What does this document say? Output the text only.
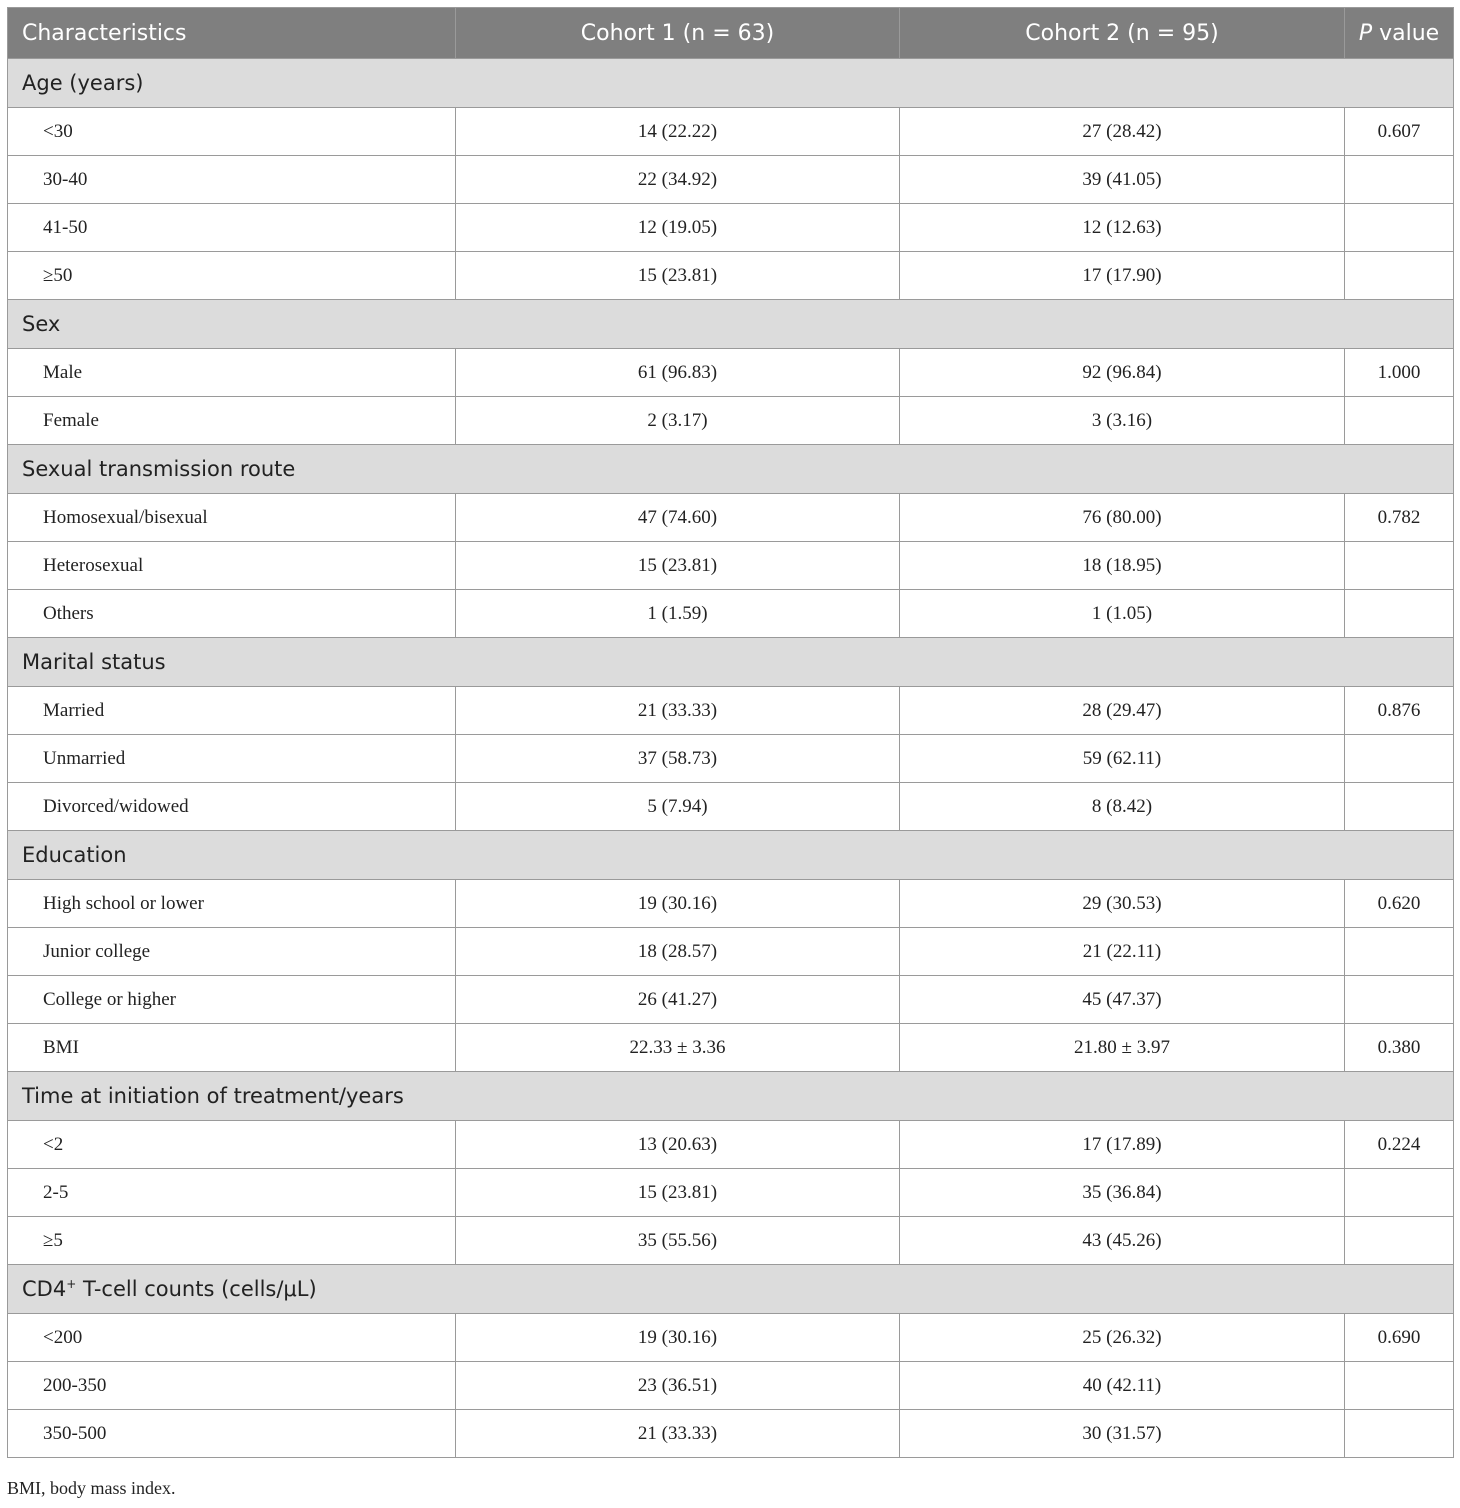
Characteristics	Cohort 1 (n = 63)	Cohort 2 (n = 95)	P value
Age (years)			
<30	14 (22.22)	27 (28.42)	0.607
30-40	22 (34.92)	39 (41.05)	
41-50	12 (19.05)	12 (12.63)	
≥50	15 (23.81)	17 (17.90)	
Sex			
Male	61 (96.83)	92 (96.84)	1.000
Female	2 (3.17)	3 (3.16)	
Sexual transmission route			
Homosexual/bisexual	47 (74.60)	76 (80.00)	0.782
Heterosexual	15 (23.81)	18 (18.95)	
Others	1 (1.59)	1 (1.05)	
Marital status			
Married	21 (33.33)	28 (29.47)	0.876
Unmarried	37 (58.73)	59 (62.11)	
Divorced/widowed	5 (7.94)	8 (8.42)	
Education			
High school or lower	19 (30.16)	29 (30.53)	0.620
Junior college	18 (28.57)	21 (22.11)	
College or higher	26 (41.27)	45 (47.37)	
BMI	22.33 ± 3.36	21.80 ± 3.97	0.380
Time at initiation of treatment/years			
<2	13 (20.63)	17 (17.89)	0.224
2-5	15 (23.81)	35 (36.84)	
≥5	35 (55.56)	43 (45.26)	
CD4+ T-cell counts (cells/μL)			
<200	19 (30.16)	25 (26.32)	0.690
200-350	23 (36.51)	40 (42.11)	
350-500	21 (33.33)	30 (31.57)	
BMI, body mass index.
